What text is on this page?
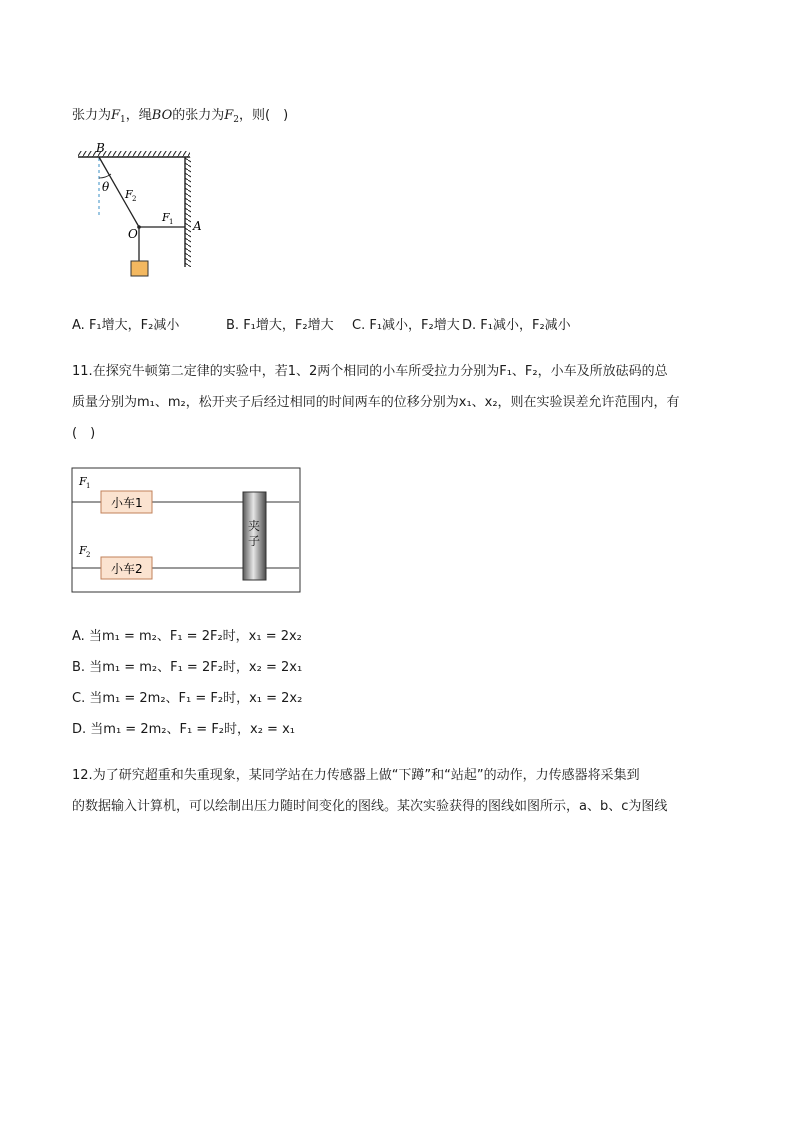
张力为$F_1$，绳BO的张力为$F_2$，则(　)
B
θ
F 2
F 1
O
A
A. F₁增大，F₂减小	B. F₁增大，F₂增大 C. F₁减小，F₂增大 D. F₁减小，F₂减小
11.在探究牛顿第二定律的实验中，若1、2两个相同的小车所受拉力分别为F₁、F₂，小车及所放砝码的总
质量分别为m₁、m₂，松开夹子后经过相同的时间两车的位移分别为x₁、x₂，则在实验误差允许范围内，有
(　)
小车1
小车2
夹
子
F 1
F 2
A. 当m₁ = m₂、F₁ = 2F₂时，x₁ = 2x₂
B. 当m₁ = m₂、F₁ = 2F₂时，x₂ = 2x₁
C. 当m₁ = 2m₂、F₁ = F₂时，x₁ = 2x₂
D. 当m₁ = 2m₂、F₁ = F₂时，x₂ = x₁
12.为了研究超重和失重现象，某同学站在力传感器上做“下蹲”和“站起”的动作，力传感器将采集到
的数据输入计算机，可以绘制出压力随时间变化的图线。某次实验获得的图线如图所示，a、b、c为图线
